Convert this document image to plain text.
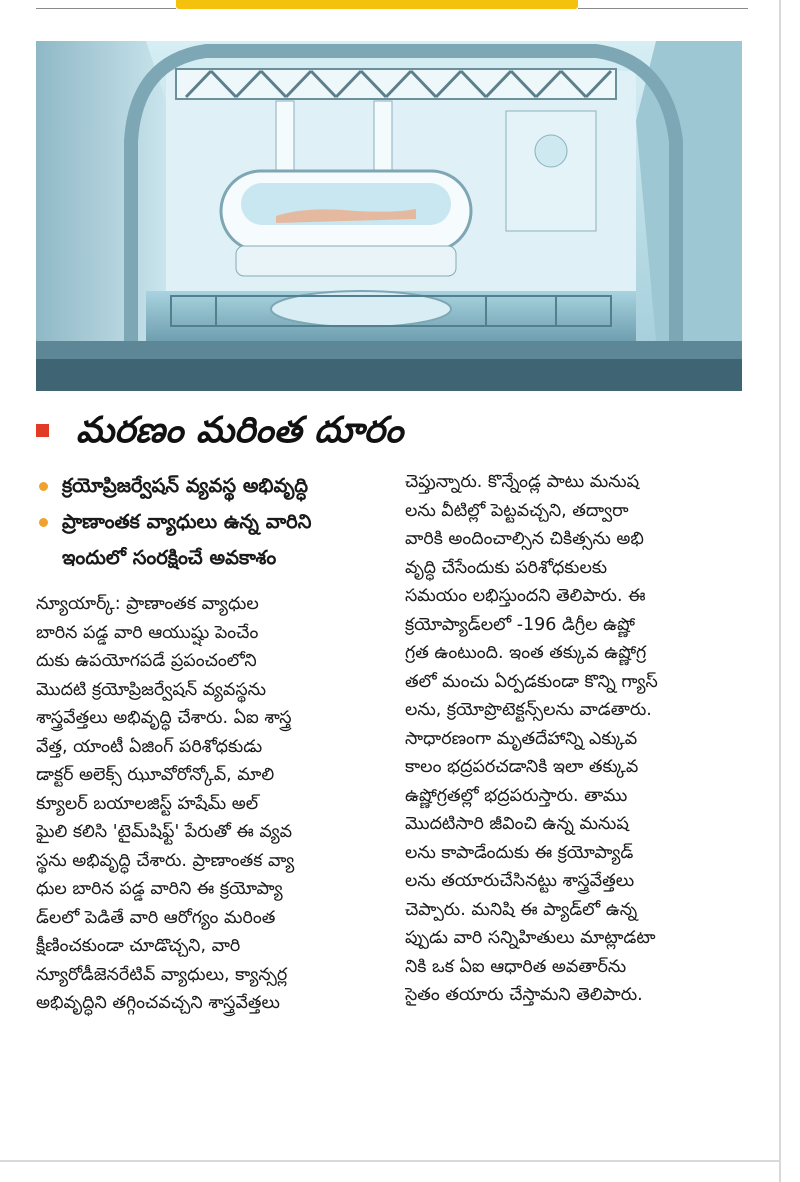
మరణం మరింత దూరం
క్రయోప్రిజర్వేషన్ వ్యవస్థ అభివృద్ధి
ప్రాణాంతక వ్యాధులు ఉన్న వారిని
ఇందులో సంరక్షించే అవకాశం
న్యూయార్క్: ప్రాణాంతక వ్యాధుల
బారిన పడ్డ వారి ఆయుష్షు పెంచేం
దుకు ఉపయోగపడే ప్రపంచంలోని
మొదటి క్రయోప్రిజర్వేషన్ వ్యవస్థను
శాస్త్రవేత్తలు అభివృద్ధి చేశారు. ఏఐ శాస్త్ర
వేత్త, యాంటీ ఏజింగ్ పరిశోధకుడు
డాక్టర్ అలెక్స్ ఝూవోరోన్కోవ్, మాలి
క్యూలర్ బయాలజిస్ట్ హషేమ్ అల్
ఘైలి కలిసి 'టైమ్‌షిఫ్ట్' పేరుతో ఈ వ్యవ
స్థను అభివృద్ధి చేశారు. ప్రాణాంతక వ్యా
ధుల బారిన పడ్డ వారిని ఈ క్రయోప్యా
డ్‌లలో పెడితే వారి ఆరోగ్యం మరింత
క్షీణించకుండా చూడొచ్చని, వారి
న్యూరోడీజెనరేటివ్ వ్యాధులు, క్యాన్సర్ల
అభివృద్ధిని తగ్గించవచ్చని శాస్త్రవేత్తలు
చెప్తున్నారు. కొన్నేండ్ల పాటు మనుష
లను వీటిల్లో పెట్టవచ్చని, తద్వారా
వారికి అందించాల్సిన చికిత్సను అభి
వృద్ధి చేసేందుకు పరిశోధకులకు
సమయం లభిస్తుందని తెలిపారు. ఈ
క్రయోప్యాడ్‌లలో -196 డిగ్రీల ఉష్ణో
గ్రత ఉంటుంది. ఇంత తక్కువ ఉష్ణోగ్ర
తలో మంచు ఏర్పడకుండా కొన్ని గ్యాస్
లను, క్రయోప్రొటెక్టన్స్‌లను వాడతారు.
సాధారణంగా మృతదేహాన్ని ఎక్కువ
కాలం భద్రపరచడానికి ఇలా తక్కువ
ఉష్ణోగ్రతల్లో భద్రపరుస్తారు. తాము
మొదటిసారి జీవించి ఉన్న మనుష
లను కాపాడేందుకు ఈ క్రయోప్యాడ్
లను తయారుచేసినట్టు శాస్త్రవేత్తలు
చెప్పారు. మనిషి ఈ ప్యాడ్‌లో ఉన్న
ప్పుడు వారి సన్నిహితులు మాట్లాడటా
నికి ఒక ఏఐ ఆధారిత అవతార్‌ను
సైతం తయారు చేస్తామని తెలిపారు.
